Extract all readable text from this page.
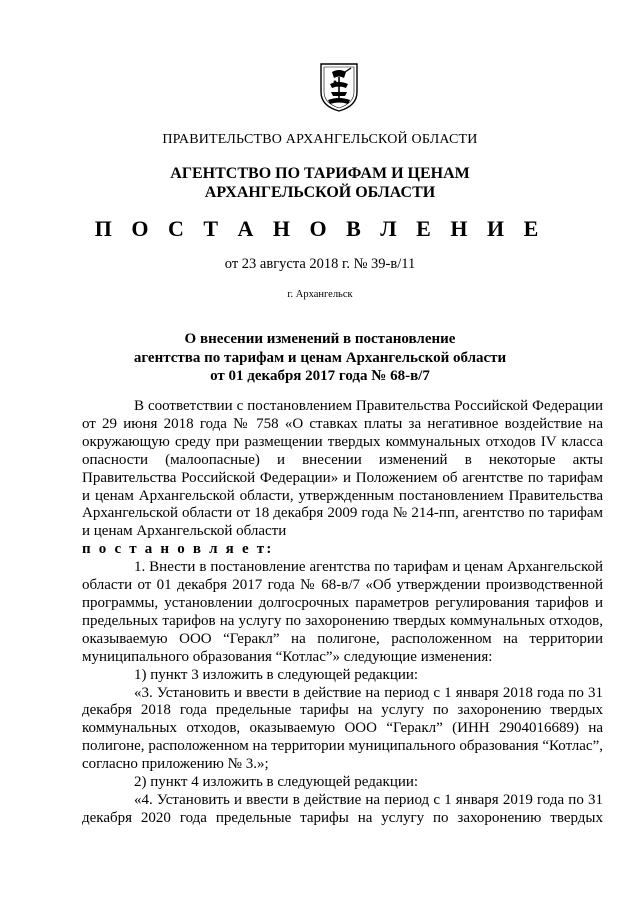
ПРАВИТЕЛЬСТВО АРХАНГЕЛЬСКОЙ ОБЛАСТИ
АГЕНТСТВО ПО ТАРИФАМ И ЦЕНАМ
АРХАНГЕЛЬСКОЙ ОБЛАСТИ
П О С Т А Н О В Л Е Н И Е
от 23 августа 2018 г. № 39-в/11
г. Архангельск
О внесении изменений в постановление
агентства по тарифам и ценам Архангельской области
от 01 декабря 2017 года № 68-в/7

В соответствии с постановлением Правительства Российской Федерации от 29 июня 2018 года № 758 «О ставках платы за негативное воздействие на окружающую среду при размещении твердых коммунальных отходов IV класса опасности (малоопасные) и внесении изменений в некоторые акты Правительства Российской Федерации» и Положением об агентстве по тарифам и ценам Архангельской области, утвержденным постановлением Правительства Архангельской области от 18 декабря 2009 года № 214-пп, агентство по тарифам и ценам Архангельской области

п о с т а н о в л я е т:

1. Внести в постановление агентства по тарифам и ценам Архангельской области от 01 декабря 2017 года № 68-в/7 «Об утверждении производственной программы, установлении долгосрочных параметров регулирования тарифов и предельных тарифов на услугу по захоронению твердых коммунальных отходов, оказываемую ООО “Геракл” на полигоне, расположенном на территории муниципального образования “Котлас”» следующие изменения:

1) пункт 3 изложить в следующей редакции:

«3. Установить и ввести в действие на период с 1 января 2018 года по 31 декабря 2018 года предельные тарифы на услугу по захоронению твердых коммунальных отходов, оказываемую ООО “Геракл” (ИНН 2904016689) на полигоне, расположенном на территории муниципального образования “Котлас”, согласно приложению № 3.»;

2) пункт 4 изложить в следующей редакции:

«4. Установить и ввести в действие на период с 1 января 2019 года по 31 декабря 2020 года предельные тарифы на услугу по захоронению твердых
